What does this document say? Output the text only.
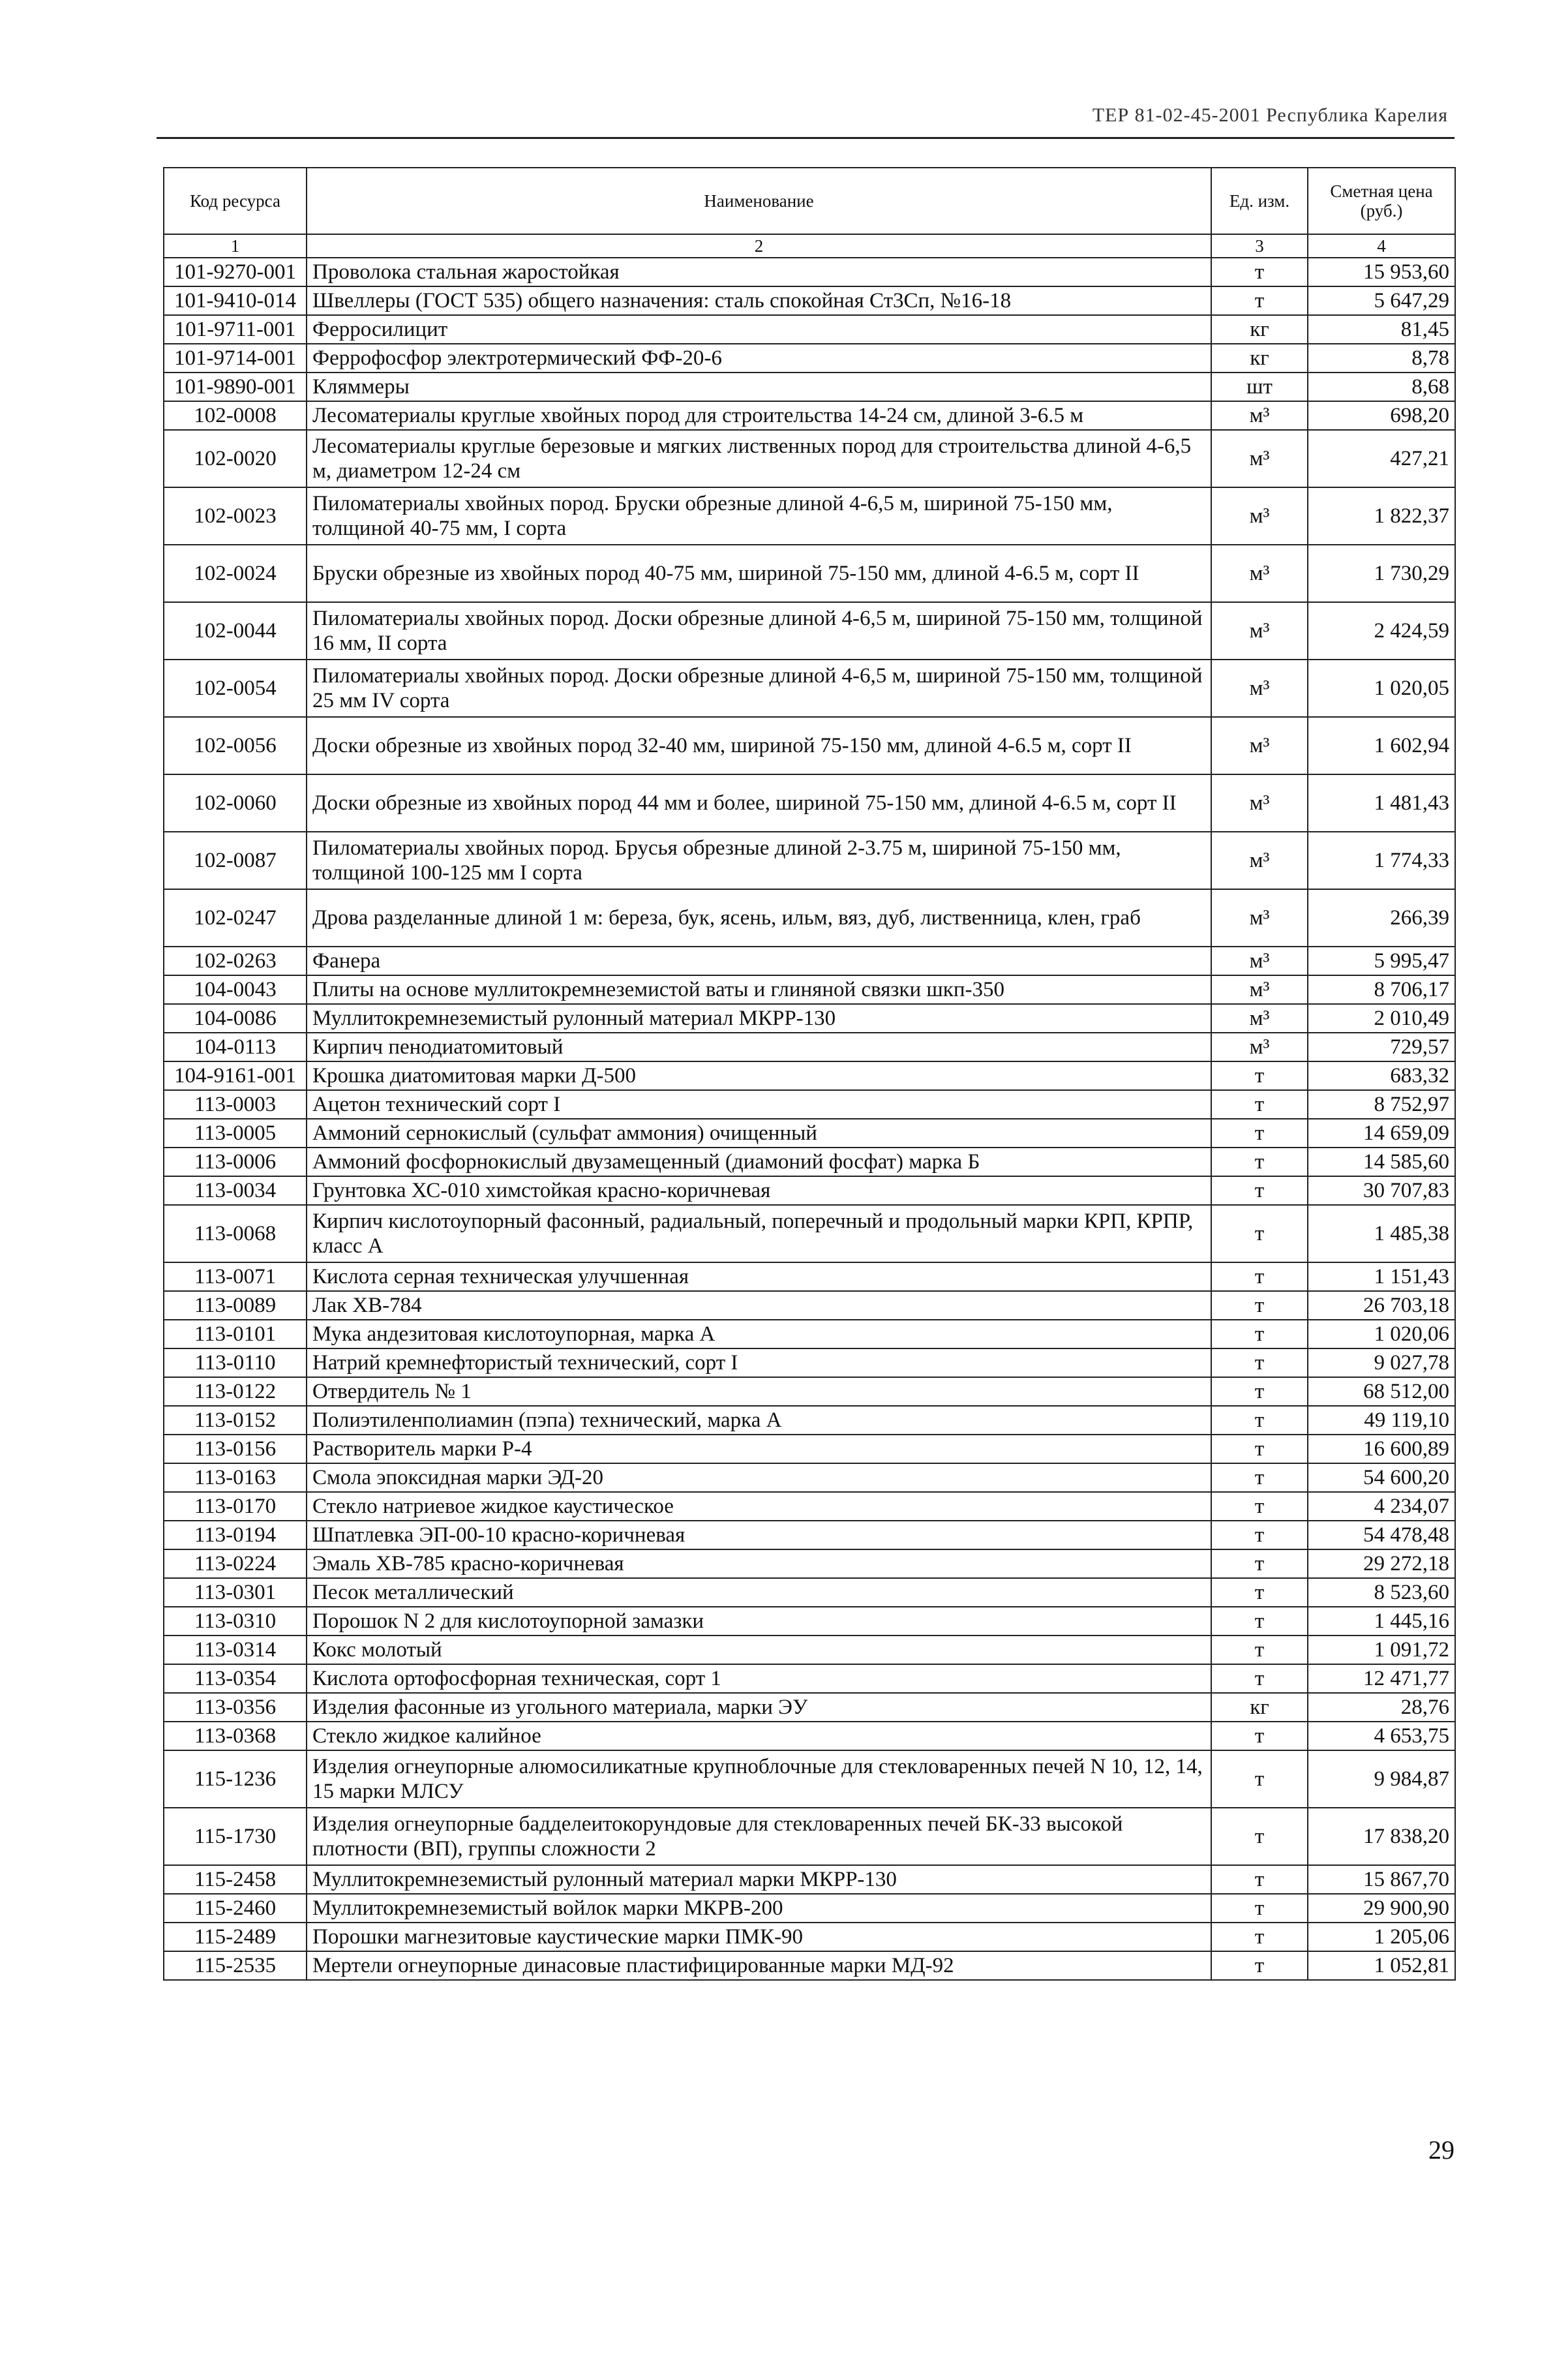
ТЕР 81-02-45-2001 Республика Карелия
Код ресурса	Наименование	Ед. изм.	Сметная цена (руб.)
1	2	3	4
101-9270-001	Проволока стальная жаростойкая	т	15 953,60
101-9410-014	Швеллеры (ГОСТ 535) общего назначения: сталь спокойная Ст3Сп, №16-18	т	5 647,29
101-9711-001	Ферросилицит	кг	81,45
101-9714-001	Феррофосфор электротермический ФФ-20-6	кг	8,78
101-9890-001	Кляммеры	шт	8,68
102-0008	Лесоматериалы круглые хвойных пород для строительства 14-24 см, длиной 3-6.5 м	м³	698,20
102-0020	Лесоматериалы круглые березовые и мягких лиственных пород для строительства длиной 4-6,5 м, диаметром 12-24 см	м³	427,21
102-0023	Пиломатериалы хвойных пород. Бруски обрезные длиной 4-6,5 м, шириной 75-150 мм, толщиной 40-75 мм, I сорта	м³	1 822,37
102-0024	Бруски обрезные из хвойных пород 40-75 мм, шириной 75-150 мм, длиной 4-6.5 м, сорт II	м³	1 730,29
102-0044	Пиломатериалы хвойных пород. Доски обрезные длиной 4-6,5 м, шириной 75-150 мм, толщиной 16 мм, II сорта	м³	2 424,59
102-0054	Пиломатериалы хвойных пород. Доски обрезные длиной 4-6,5 м, шириной 75-150 мм, толщиной 25 мм IV сорта	м³	1 020,05
102-0056	Доски обрезные из хвойных пород 32-40 мм, шириной 75-150 мм, длиной 4-6.5 м, сорт II	м³	1 602,94
102-0060	Доски обрезные из хвойных пород 44 мм и более, шириной 75-150 мм, длиной 4-6.5 м, сорт II	м³	1 481,43
102-0087	Пиломатериалы хвойных пород. Брусья обрезные длиной 2-3.75 м, шириной 75-150 мм, толщиной 100-125 мм I сорта	м³	1 774,33
102-0247	Дрова разделанные длиной 1 м: береза, бук, ясень, ильм, вяз, дуб, лиственница, клен, граб	м³	266,39
102-0263	Фанера	м³	5 995,47
104-0043	Плиты на основе муллитокремнеземистой ваты и глиняной связки шкп-350	м³	8 706,17
104-0086	Муллитокремнеземистый рулонный материал МКРР-130	м³	2 010,49
104-0113	Кирпич пенодиатомитовый	м³	729,57
104-9161-001	Крошка диатомитовая марки Д-500	т	683,32
113-0003	Ацетон технический сорт I	т	8 752,97
113-0005	Аммоний сернокислый (сульфат аммония) очищенный	т	14 659,09
113-0006	Аммоний фосфорнокислый двузамещенный (диамоний фосфат) марка Б	т	14 585,60
113-0034	Грунтовка ХС-010 химстойкая красно-коричневая	т	30 707,83
113-0068	Кирпич кислотоупорный фасонный, радиальный, поперечный и продольный марки КРП, КРПР, класс А	т	1 485,38
113-0071	Кислота серная техническая улучшенная	т	1 151,43
113-0089	Лак ХВ-784	т	26 703,18
113-0101	Мука андезитовая кислотоупорная, марка А	т	1 020,06
113-0110	Натрий кремнефтористый технический, сорт I	т	9 027,78
113-0122	Отвердитель № 1	т	68 512,00
113-0152	Полиэтиленполиамин (пэпа) технический, марка А	т	49 119,10
113-0156	Растворитель марки Р-4	т	16 600,89
113-0163	Смола эпоксидная марки ЭД-20	т	54 600,20
113-0170	Стекло натриевое жидкое каустическое	т	4 234,07
113-0194	Шпатлевка ЭП-00-10 красно-коричневая	т	54 478,48
113-0224	Эмаль ХВ-785 красно-коричневая	т	29 272,18
113-0301	Песок металлический	т	8 523,60
113-0310	Порошок N 2 для кислотоупорной замазки	т	1 445,16
113-0314	Кокс молотый	т	1 091,72
113-0354	Кислота ортофосфорная техническая, сорт 1	т	12 471,77
113-0356	Изделия фасонные из угольного материала, марки ЭУ	кг	28,76
113-0368	Стекло жидкое калийное	т	4 653,75
115-1236	Изделия огнеупорные алюмосиликатные крупноблочные для стекловаренных печей N 10, 12, 14, 15 марки МЛСУ	т	9 984,87
115-1730	Изделия огнеупорные бадделеитокорундовые для стекловаренных печей БК-33 высокой плотности (ВП), группы сложности 2	т	17 838,20
115-2458	Муллитокремнеземистый рулонный материал марки МКРР-130	т	15 867,70
115-2460	Муллитокремнеземистый войлок марки МКРВ-200	т	29 900,90
115-2489	Порошки магнезитовые каустические марки ПМК-90	т	1 205,06
115-2535	Мертели огнеупорные динасовые пластифицированные марки МД-92	т	1 052,81
29
